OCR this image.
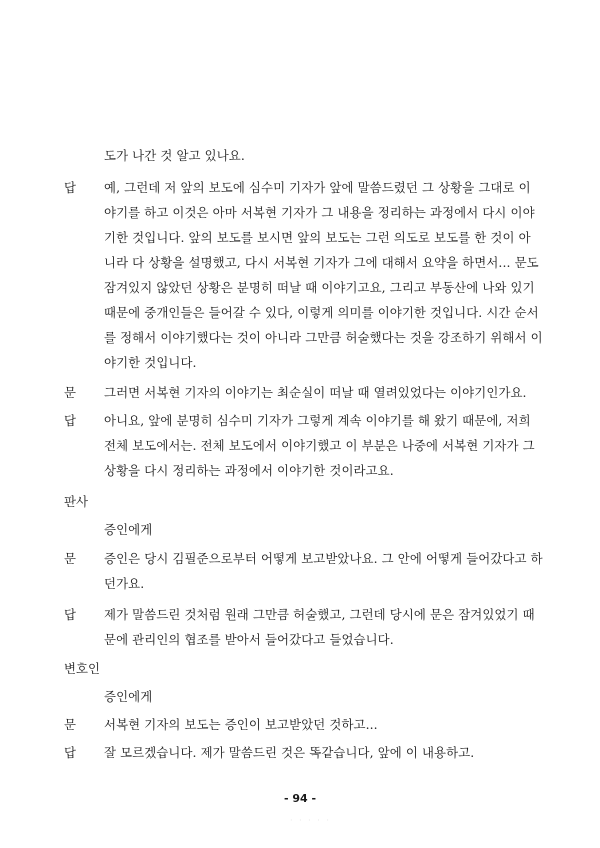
도가 나간 것 알고 있나요.
답 예, 그런데 저 앞의 보도에 심수미 기자가 앞에 말씀드렸던 그 상황을 그대로 이
야기를 하고 이것은 아마 서복현 기자가 그 내용을 정리하는 과정에서 다시 이야
기한 것입니다. 앞의 보도를 보시면 앞의 보도는 그런 의도로 보도를 한 것이 아
니라 다 상황을 설명했고, 다시 서복현 기자가 그에 대해서 요약을 하면서... 문도
잠겨있지 않았던 상황은 분명히 떠날 때 이야기고요, 그리고 부동산에 나와 있기
때문에 중개인들은 들어갈 수 있다, 이렇게 의미를 이야기한 것입니다. 시간 순서
를 정해서 이야기했다는 것이 아니라 그만큼 허술했다는 것을 강조하기 위해서 이
야기한 것입니다.
문 그러면 서복현 기자의 이야기는 최순실이 떠날 때 열려있었다는 이야기인가요.
답 아니요, 앞에 분명히 심수미 기자가 그렇게 계속 이야기를 해 왔기 때문에, 저희
전체 보도에서는. 전체 보도에서 이야기했고 이 부분은 나중에 서복현 기자가 그
상황을 다시 정리하는 과정에서 이야기한 것이라고요.
판사
증인에게
문 증인은 당시 김필준으로부터 어떻게 보고받았나요. 그 안에 어떻게 들어갔다고 하
던가요.
답 제가 말씀드린 것처럼 원래 그만큼 허술했고, 그런데 당시에 문은 잠겨있었기 때
문에 관리인의 협조를 받아서 들어갔다고 들었습니다.
변호인
증인에게
문 서복현 기자의 보도는 증인이 보고받았던 것하고...
답 잘 모르겠습니다. 제가 말씀드린 것은 똑같습니다, 앞에 이 내용하고.
- 94 -
· · · · ·
